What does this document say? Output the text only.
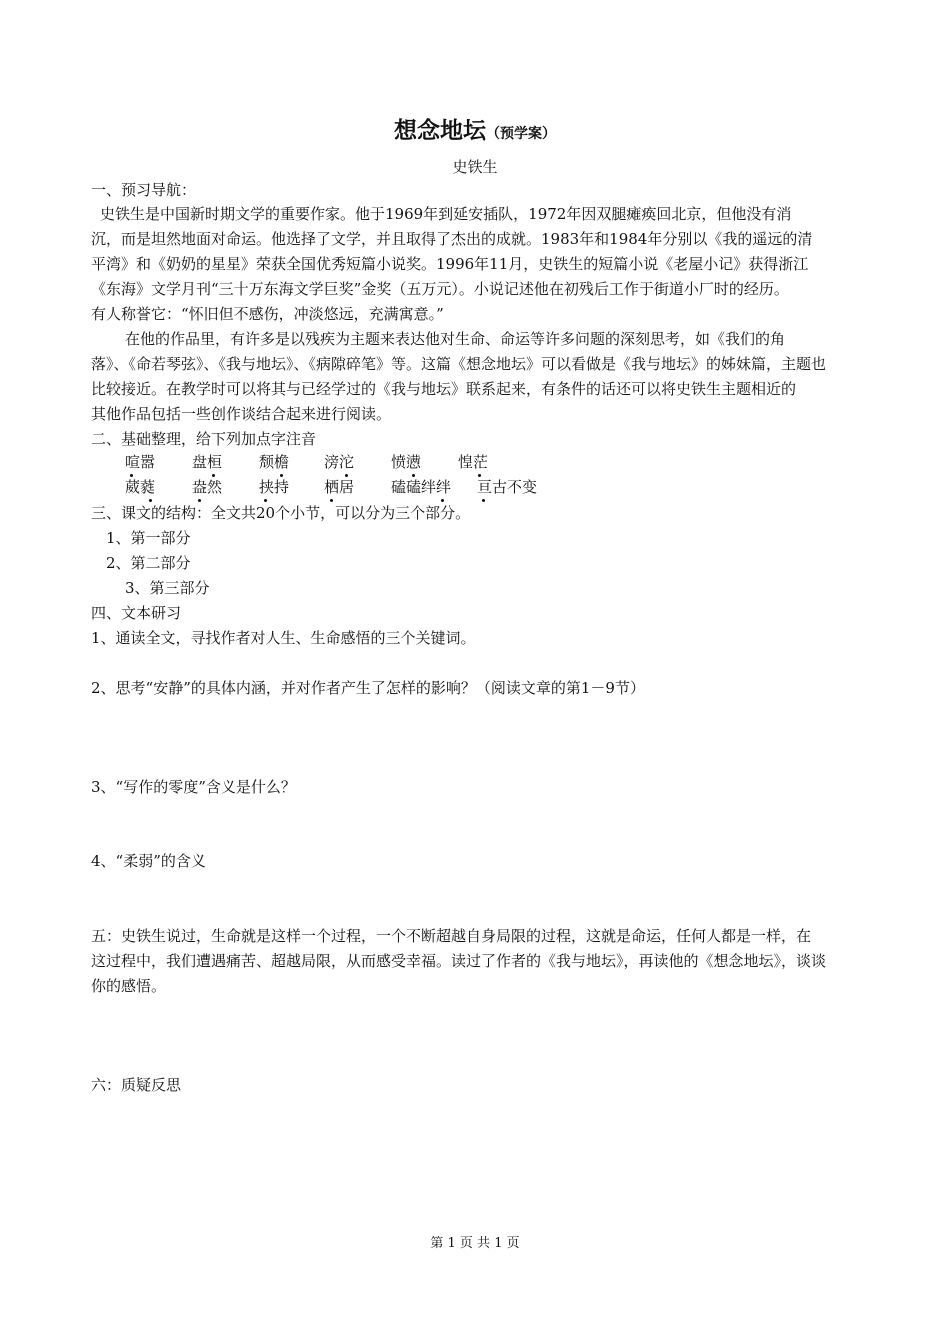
想念地坛（预学案）
史铁生
一、预习导航：
史铁生是中国新时期文学的重要作家。他于1969年到延安插队，1972年因双腿瘫痪回北京，但他没有消
沉，而是坦然地面对命运。他选择了文学，并且取得了杰出的成就。1983年和1984年分别以《我的遥远的清
平湾》和《奶奶的星星》荣获全国优秀短篇小说奖。1996年11月，史铁生的短篇小说《老屋小记》获得浙江
《东海》文学月刊“三十万东海文学巨奖”金奖（五万元）。小说记述他在初残后工作于街道小厂时的经历。
有人称誉它：“怀旧但不感伤，冲淡悠远，充满寓意。”
在他的作品里，有许多是以残疾为主题来表达他对生命、命运等许多问题的深刻思考，如《我们的角
落》、《命若琴弦》、《我与地坛》、《病隙碎笔》等。这篇《想念地坛》可以看做是《我与地坛》的姊妹篇，主题也
比较接近。在教学时可以将其与已经学过的《我与地坛》联系起来，有条件的话还可以将史铁生主题相近的
其他作品包括一些创作谈结合起来进行阅读。
二、基础整理，给下列加点字注音
喧嚣 盘桓 颓檐 滂沱 愤懑 惶茫
葳蕤 盎然 挟持 栖居 磕磕绊绊 亘古不变
三、课文的结构：全文共20个小节，可以分为三个部分。
1、第一部分
2、第二部分
3、第三部分
四、文本研习
1、通读全文，寻找作者对人生、生命感悟的三个关键词。
2、思考“安静”的具体内涵，并对作者产生了怎样的影响？（阅读文章的第1－9节）
3、“写作的零度”含义是什么？
4、“柔弱”的含义
五：史铁生说过，生命就是这样一个过程，一个不断超越自身局限的过程，这就是命运，任何人都是一样，在
这过程中，我们遭遇痛苦、超越局限，从而感受幸福。读过了作者的《我与地坛》，再读他的《想念地坛》，谈谈
你的感悟。
六：质疑反思
第 1 页 共 1 页
